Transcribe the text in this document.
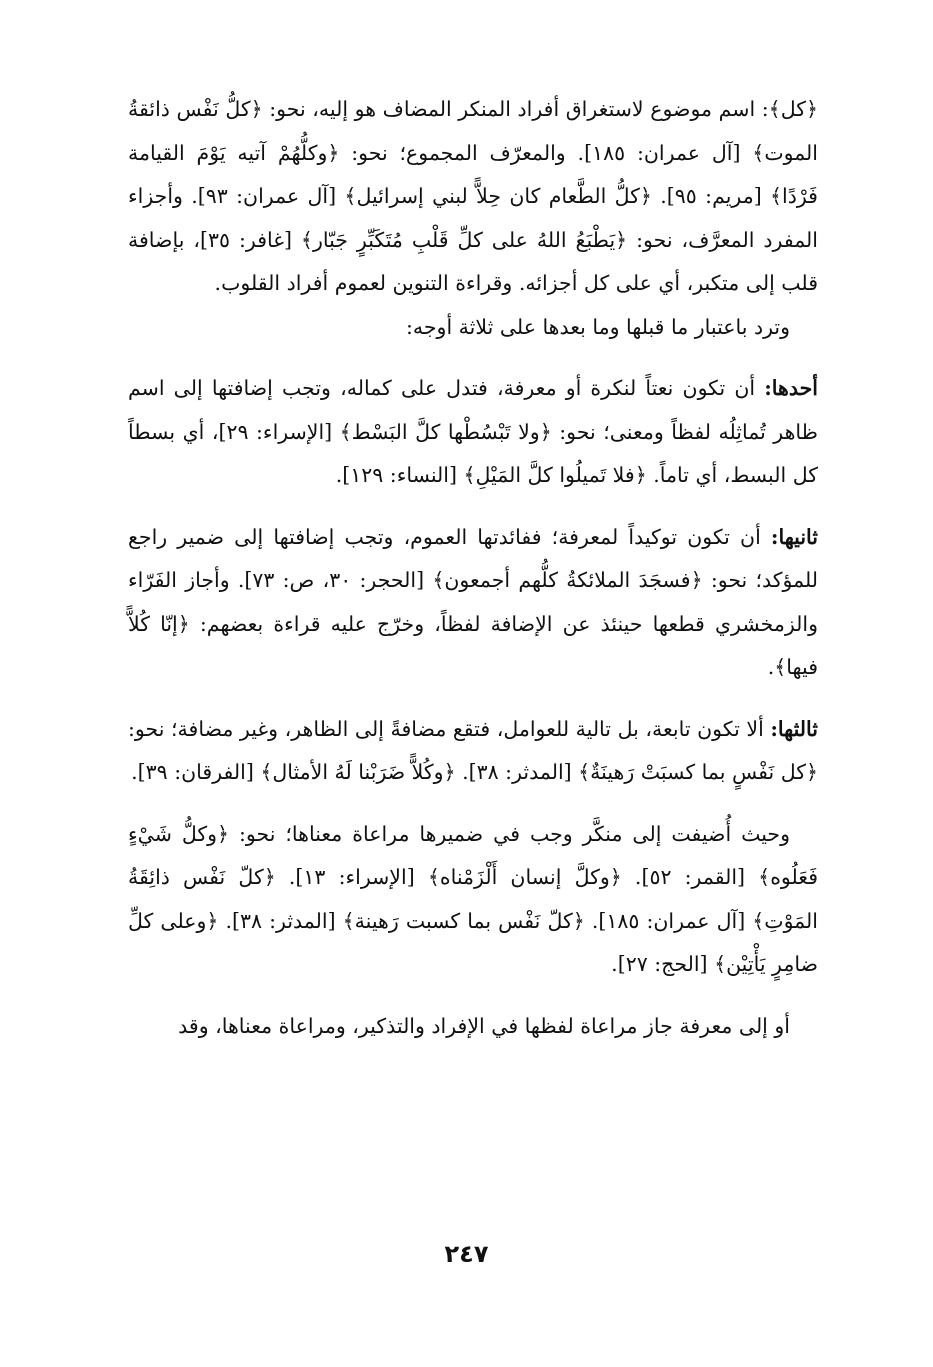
﴿كل﴾: اسم موضوع لاستغراق أفراد المنكر المضاف هو إليه، نحو: ﴿كلُّ نَفْس ذائقةُ الموت﴾ [آل عمران: ١٨٥]. والمعرّف المجموع؛ نحو: ﴿وكلُّهُمْ آتيه يَوْمَ القيامة فَرْدًا﴾ [مريم: ٩٥]. ﴿كلُّ الطَّعام كان حِلاًّ لبني إسرائيل﴾ [آل عمران: ٩٣]. وأجزاء المفرد المعرَّف، نحو: ﴿يَطْبَعُ اللهُ على كلِّ قَلْبِ مُتَكَبِّرٍ جَبّار﴾ [غافر: ٣٥]، بإضافة قلب إلى متكبر، أي على كل أجزائه. وقراءة التنوين لعموم أفراد القلوب.

وترد باعتبار ما قبلها وما بعدها على ثلاثة أوجه:

أحدها: أن تكون نعتاً لنكرة أو معرفة، فتدل على كماله، وتجب إضافتها إلى اسم ظاهر تُماثِلُه لفظاً ومعنى؛ نحو: ﴿ولا تَبْسُطْها كلَّ البَسْط﴾ [الإسراء: ٢٩]، أي بسطاً كل البسط، أي تاماً. ﴿فلا تَميلُوا كلَّ المَيْلِ﴾ [النساء: ١٢٩].

ثانيها: أن تكون توكيداً لمعرفة؛ ففائدتها العموم، وتجب إضافتها إلى ضمير راجع للمؤكد؛ نحو: ﴿فسجَدَ الملائكةُ كلُّهم أجمعون﴾ [الحجر: ٣٠، ص: ٧٣]. وأجاز الفَرّاء والزمخشري قطعها حينئذ عن الإضافة لفظاً، وخرّج عليه قراءة بعضهم: ﴿إنّا كُلاًّ فيها﴾.

ثالثها: ألا تكون تابعة، بل تالية للعوامل، فتقع مضافةً إلى الظاهر، وغير مضافة؛ نحو: ﴿كل نَفْسٍ بما كسبَتْ رَهينَةٌ﴾ [المدثر: ٣٨]. ﴿وكُلاًّ ضَرَبْنا لَهُ الأمثال﴾ [الفرقان: ٣٩].

وحيث أُضيفت إلى منكَّر وجب في ضميرها مراعاة معناها؛ نحو: ﴿وكلُّ شَيْءٍ فَعَلُوه﴾ [القمر: ٥٢]. ﴿وكلَّ إنسان أَلْزَمْناه﴾ [الإسراء: ١٣]. ﴿كلّ نَفْس ذائِقَةُ المَوْتِ﴾ [آل عمران: ١٨٥]. ﴿كلّ نَفْس بما كسبت رَهينة﴾ [المدثر: ٣٨]. ﴿وعلى كلِّ ضامِرٍ يَأْتِيْن﴾ [الحج: ٢٧].

أو إلى معرفة جاز مراعاة لفظها في الإفراد والتذكير، ومراعاة معناها، وقد

٢٤٧
